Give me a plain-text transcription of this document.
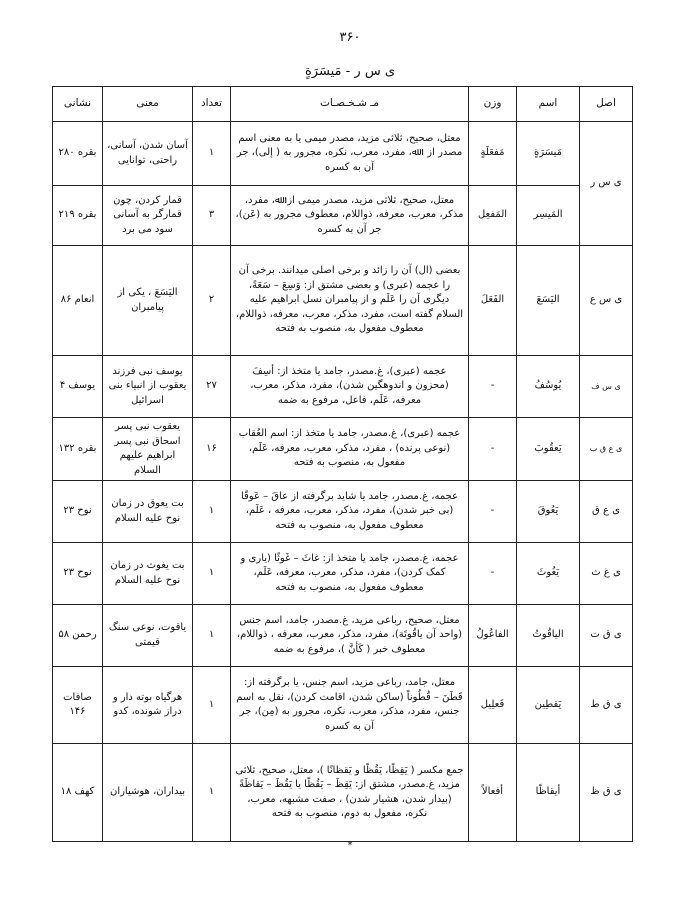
۳۶۰
ی س ر - مَیسَرَةٍ
اصل	اسم	وزن	مـ شـخـصـات	تعداد	معنی	نشانی
ی س ر	مَیسَرَةٍ	مَفعَلَةٍ	معتل، صحیح، ثلاثی مزید، مصدر میمی یا به معنی اسم مصدر از : ﷲ، مفرد، معرب، نکره، مجرور به ( إلی)، جر آن به کسره	۱	آسان شدن، آسانی، راحتی، توانایی	بقره ۲۸۰
	المَیسِر	المَفعِل	معتل، صحیح، ثلاثی مزید، مصدر میمی از: ﷲ، مفرد، مذکر، معرب، معرفه، ذواللام، معطوف مجرور به (عَن)، جر آن به کسره	۳	قمار کردن، چون قمارگر به آسانی سود می برد	بقره ۲۱۹
ی س ع	الیَسَعَ	الفَعَلَ	بعضی (ال) آن را زائد و برخی اصلی میدانند. برخی آن را عجمه (عبری) و بعضی مشتق از: وَسِعَ – سَعَةً، دیگری آن را عَلَم و از پیامبران نسل ابراهیم علیه السلام گفته است، مفرد، مذکر، معرب، معرفه، ذواللام، معطوف مفعول به، منصوب به فتحه	۲	الیَسَعَ ، یکی از پیامبران	انعام ۸۶
ی س ف	یُوسُفُ	-	عجمه (عبری)، غ.مصدر، جامد یا متخذ از: أسِفَ (محزون و اندوهگین شدن)، مفرد، مذکر، معرب، معرفه، عَلَم، فاعل، مرفوع به ضمه	۲۷	یوسف نبی فرزند یعقوب از انبیاء بنی اسرائیل	یوسف ۴
ی ع ق ب	یَعقُوبَ	-	عجمه (عبری)، غ.مصدر، جامد یا متخذ از: اسم العُقاب (نوعی پرنده) ، مفرد، مذکر، معرب، معرفه، عَلَم، مفعول به، منصوب به فتحه	۱۶	یعقوب نبی پسر اسحاق نبی پسر ابراهیم علیهم السلام	بقره ۱۳۲
ی ع ق	یَعُوقَ	-	عجمه، غ.مصدر، جامد یا شاید برگرفته از عاقَ – عَوقًا (بی خبر شدن)، مفرد، مذکر، معرب، معرفه ، عَلَم، معطوف مفعول به، منصوب به فتحه	۱	بت یعوق در زمان نوح علیه السلام	نوح ۲۳
ی غ ث	یَغُوثَ	-	عجمه، غ.مصدر، جامد یا متخذ از: غاثَ – غَوثًا (یاری و کمک کردن)، مفرد، مذکر، معرب، معرفه، عَلَم، معطوف مفعول به، منصوب به فتحه	۱	بت یغوث در زمان نوح علیه السلام	نوح ۲۳
ی ق ت	الیاقُوتُ	الفاعُولُ	معتل، صحیح، رباعی مزید، غ.مصدر، جامد، اسم جنس (واحد آن یاقُوتَة)، مفرد، مذکر، معرب، معرفه ، ذواللام، معطوف خبر ( کَأنَّ )، مرفوع به ضمه	۱	یاقوت، نوعی سنگ قیمتی	رحمن ۵۸
ی ق ط	یَقطِین	فَعلِیل	معتل، جامد، رباعی مزید، اسم جنس، یا برگرفته از: قَطَنَ – قُطُوناً (ساکن شدن، اقامت کردن)، نقل به اسم جنس، مفرد، مذکر، معرب، نکره، مجرور به (مِن)، جر آن به کسره	۱	هرگیاه بوته دار و دراز شونده، کدو	صافات ۱۴۶
ی ق ظ	أیقاظًا	أفعالاً	جمع مکسر ( یَقِظًا، یَقُظًا و یَقظانًا )، معتل، صحیح، ثلاثی مزید، غ.مصدر، مشتق از: یَقِظَ – یَقُظًا یا یَقُظَ – یَقاظَةً (بیدار شدن، هشیار شدن) ، صفت مشبهه، معرب، نکره، مفعول به دوم، منصوب به فتحه	۱	بیداران، هوشیاران	کهف ۱۸
*
